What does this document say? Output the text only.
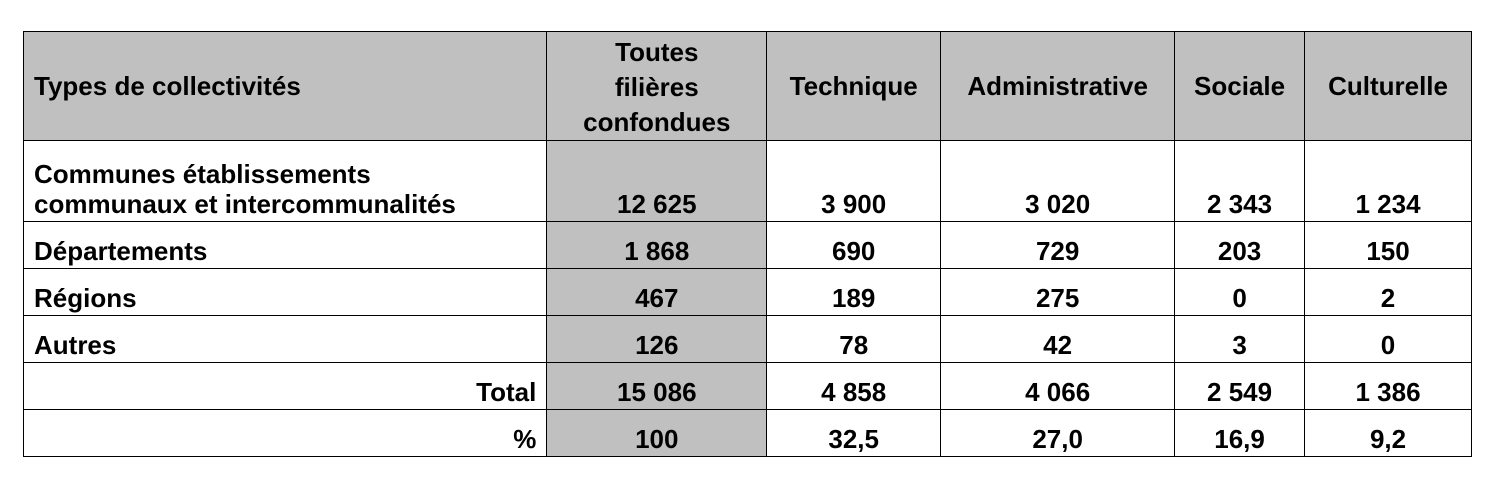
Types de collectivités	Toutes
filières
confondues	Technique	Administrative	Sociale	Culturelle
Communes établissements
communaux et intercommunalités	12 625	3 900	3 020	2 343	1 234
Départements	1 868	690	729	203	150
Régions	467	189	275	0	2
Autres	126	78	42	3	0
Total	15 086	4 858	4 066	2 549	1 386
%	100	32,5	27,0	16,9	9,2
